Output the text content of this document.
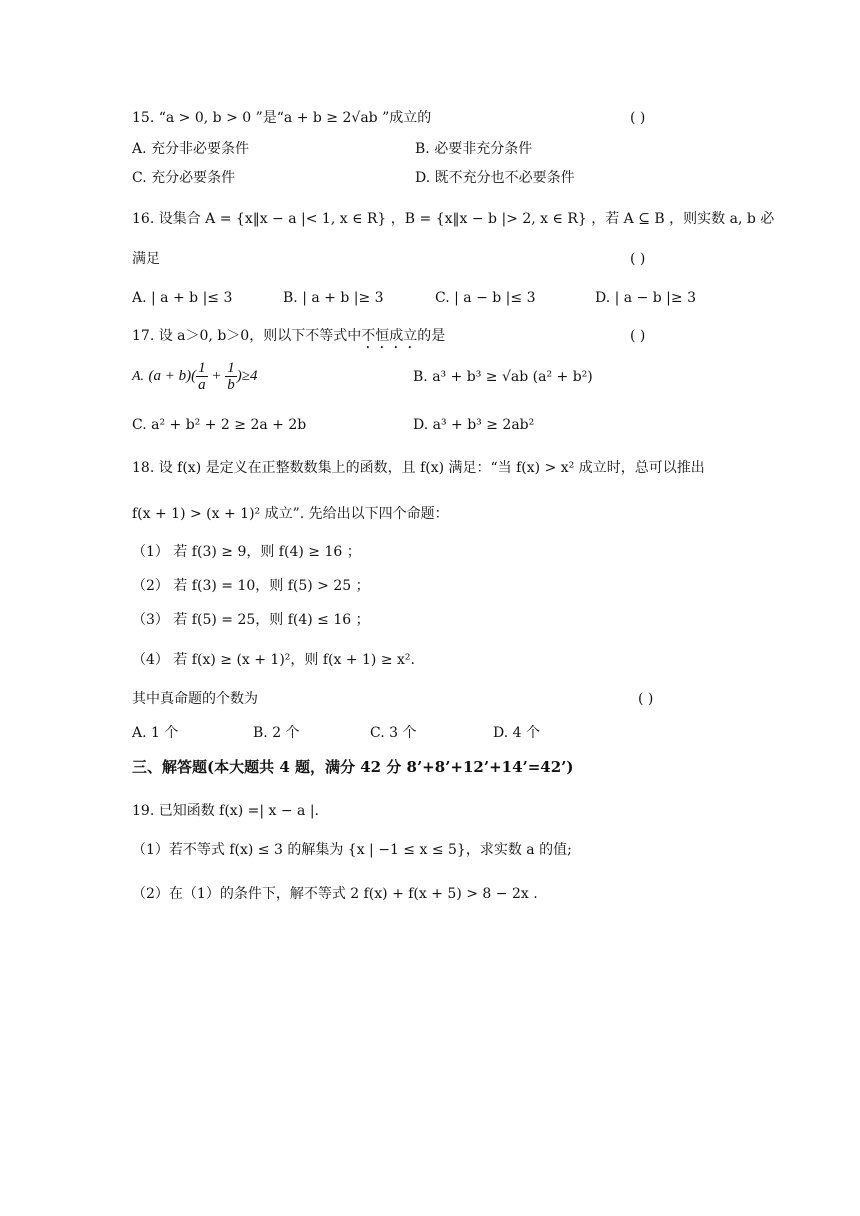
15. “a > 0, b > 0 ”是“a + b ≥ 2√ab ”成立的	( )
A. 充分非必要条件	B. 必要非充分条件
C. 充分必要条件	D. 既不充分也不必要条件
16. 设集合 A = {x‖x − a |< 1, x ∈ R} ，B = {x‖x − b |> 2, x ∈ R} ，若 A ⊆ B ，则实数 a, b 必
满足	( )
A. | a + b |≤ 3	B. | a + b |≥ 3	C. | a − b |≤ 3	D. | a − b |≥ 3
17. 设 a＞0, b＞0，则以下不等式中不恒成立的是	( )
A. $(a + b)( \frac{1}{a} + \frac{1}{b} )\ge 4$	B. a³ + b³ ≥ √ab (a² + b²)
C. a² + b² + 2 ≥ 2a + 2b	D. a³ + b³ ≥ 2ab²
18. 设 f(x) 是定义在正整数数集上的函数，且 f(x) 满足：“当 f(x) > x² 成立时，总可以推出
f(x + 1) > (x + 1)² 成立”. 先给出以下四个命题：
（1） 若 f(3) ≥ 9，则 f(4) ≥ 16 ；
（2） 若 f(3) = 10，则 f(5) > 25 ；
（3） 若 f(5) = 25，则 f(4) ≤ 16 ；
（4） 若 f(x) ≥ (x + 1)²，则 f(x + 1) ≥ x².
其中真命题的个数为	( )
A. 1 个	B. 2 个	C. 3 个	D. 4 个
三、解答题(本大题共 4 题，满分 42 分 8’+8’+12’+14’=42’)
19. 已知函数 f(x) =| x − a |.
（1）若不等式 f(x) ≤ 3 的解集为 {x | −1 ≤ x ≤ 5}，求实数 a 的值;
（2）在（1）的条件下，解不等式 2 f(x) + f(x + 5) > 8 − 2x .
